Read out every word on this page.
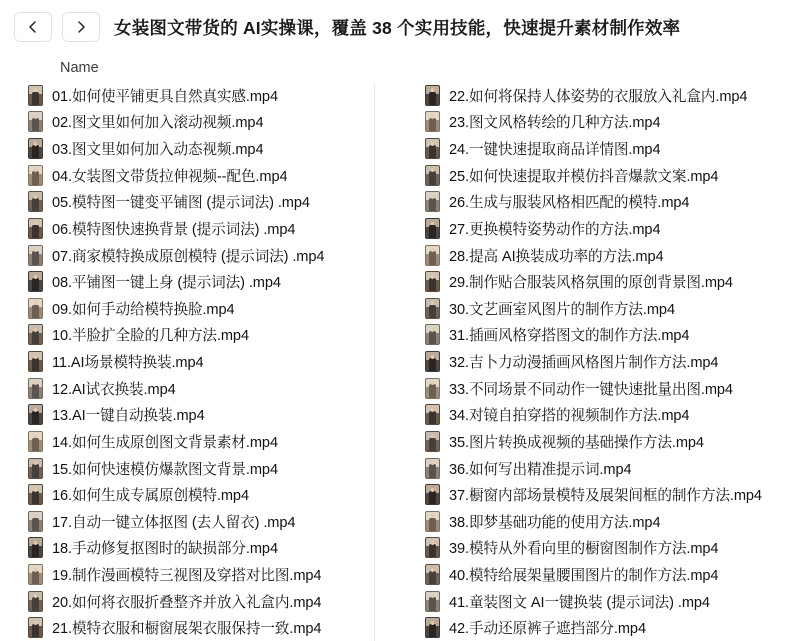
女装图文带货的 AI实操课，覆盖 38 个实用技能，快速提升素材制作效率
Name
01.如何使平铺更具自然真实感.mp4
02.图文里如何加入滚动视频.mp4
03.图文里如何加入动态视频.mp4
04.女装图文带货拉伸视频--配色.mp4
05.模特图一键变平铺图 (提示词法) .mp4
06.模特图快速换背景 (提示词法) .mp4
07.商家模特换成原创模特 (提示词法) .mp4
08.平铺图一键上身 (提示词法) .mp4
09.如何手动给模特换脸.mp4
10.半脸扩全脸的几种方法.mp4
11.AI场景模特换装.mp4
12.AI试衣换装.mp4
13.AI一键自动换装.mp4
14.如何生成原创图文背景素材.mp4
15.如何快速模仿爆款图文背景.mp4
16.如何生成专属原创模特.mp4
17.自动一键立体抠图 (去人留衣) .mp4
18.手动修复抠图时的缺损部分.mp4
19.制作漫画模特三视图及穿搭对比图.mp4
20.如何将衣服折叠整齐并放入礼盒内.mp4
21.模特衣服和橱窗展架衣服保持一致.mp4
22.如何将保持人体姿势的衣服放入礼盒内.mp4
23.图文风格转绘的几种方法.mp4
24.一键快速提取商品详情图.mp4
25.如何快速提取并模仿抖音爆款文案.mp4
26.生成与服装风格相匹配的模特.mp4
27.更换模特姿势动作的方法.mp4
28.提高 AI换装成功率的方法.mp4
29.制作贴合服装风格氛围的原创背景图.mp4
30.文艺画室风图片的制作方法.mp4
31.插画风格穿搭图文的制作方法.mp4
32.吉卜力动漫插画风格图片制作方法.mp4
33.不同场景不同动作一键快速批量出图.mp4
34.对镜自拍穿搭的视频制作方法.mp4
35.图片转换成视频的基础操作方法.mp4
36.如何写出精准提示词.mp4
37.橱窗内部场景模特及展架间框的制作方法.mp4
38.即梦基础功能的使用方法.mp4
39.模特从外看向里的橱窗图制作方法.mp4
40.模特给展架量腰围图片的制作方法.mp4
41.童装图文 AI一键换装 (提示词法) .mp4
42.手动还原裤子遮挡部分.mp4
